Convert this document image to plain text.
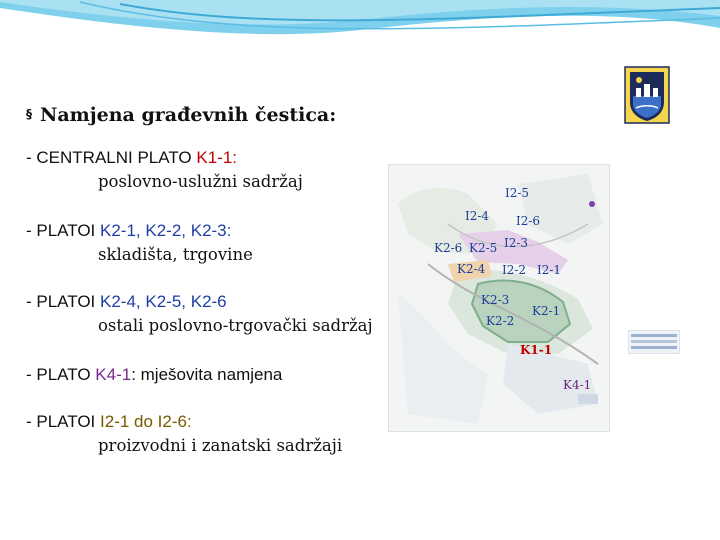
§ Namjena građevnih čestica:
- CENTRALNI PLATO K1-1:
poslovno-uslužni sadržaj
- PLATOI K2-1, K2-2, K2-3:
skladišta, trgovine
- PLATOI K2-4, K2-5, K2-6
ostali poslovno-trgovački sadržaj
- PLATO K4-1: mješovita namjena
- PLATOI I2-1 do I2-6:
proizvodni i zanatski sadržaji
I2-5
I2-4 I2-6
K2-6 K2-5 I2-3
K2-4 I2-2 I2-1
K2-3
K2-1
K2-2
K1-1
K4-1
